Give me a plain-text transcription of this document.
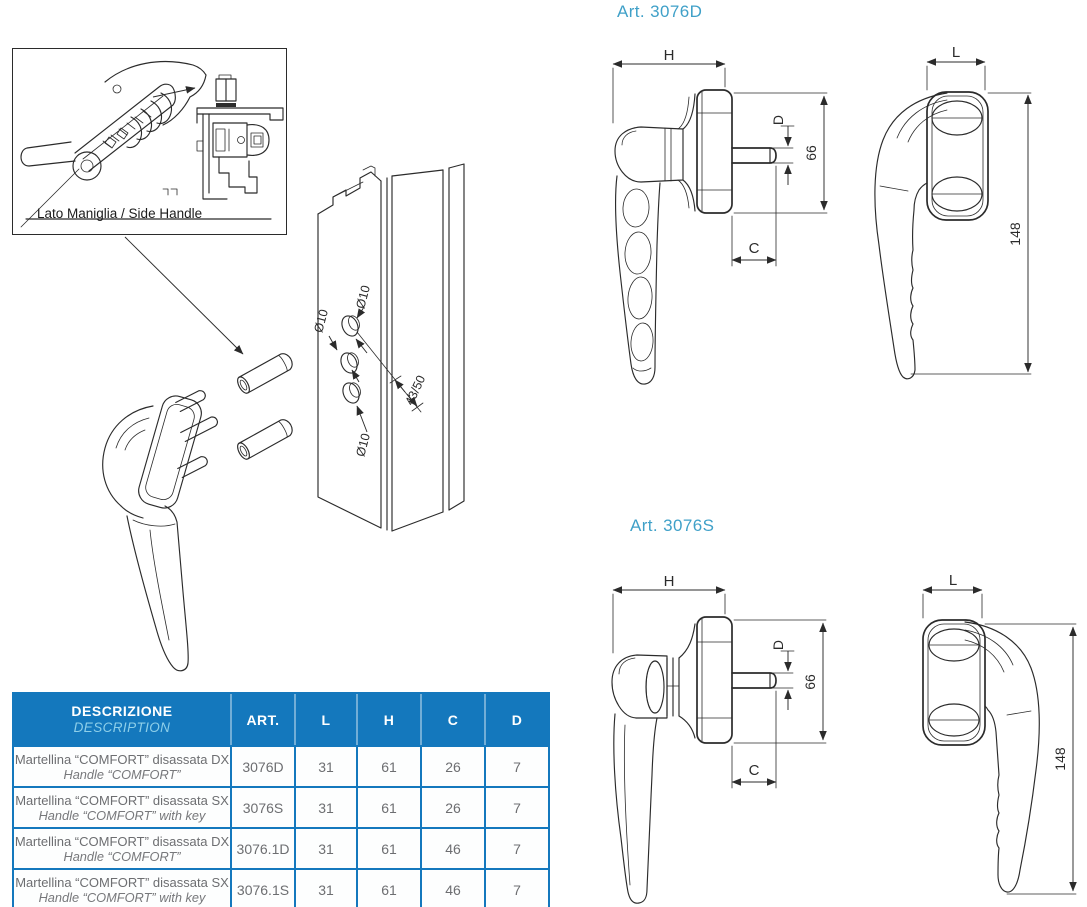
Lato Maniglia / Side Handle
Ø10
Ø10
Ø10
43/50
Art. 3076D
H
66
D
C
L
148
Art. 3076S
H
66
D
C
L
148
DESCRIZIONE
DESCRIPTION	ART.	L	H	C	D
Martellina “COMFORT” disassata DX
Handle “COMFORT”	3076D 31	61	26	7
Martellina “COMFORT” disassata SX
Handle “COMFORT” with key	3076S 31	61	26	7
Martellina “COMFORT” disassata DX
Handle “COMFORT”	3076.1D 31	61	46	7
Martellina “COMFORT” disassata SX
Handle “COMFORT” with key 3076.1S 31	61	46	7
